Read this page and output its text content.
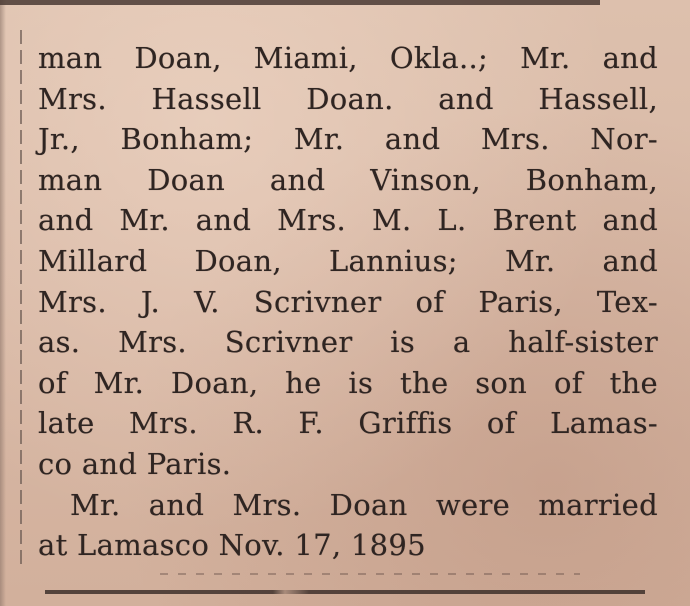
man Doan, Miami, Okla..; Mr. and
Mrs. Hassell Doan. and Hassell,
Jr., Bonham; Mr. and Mrs. Nor-
man Doan and Vinson, Bonham,
and Mr. and Mrs. M. L. Brent and
Millard Doan, Lannius; Mr. and
Mrs. J. V. Scrivner of Paris, Tex-
as. Mrs. Scrivner is a half-sister
of Mr. Doan, he is the son of the
late Mrs. R. F. Griffis of Lamas-
co and Paris.
Mr. and Mrs. Doan were married
at Lamasco Nov. 17, 1895
